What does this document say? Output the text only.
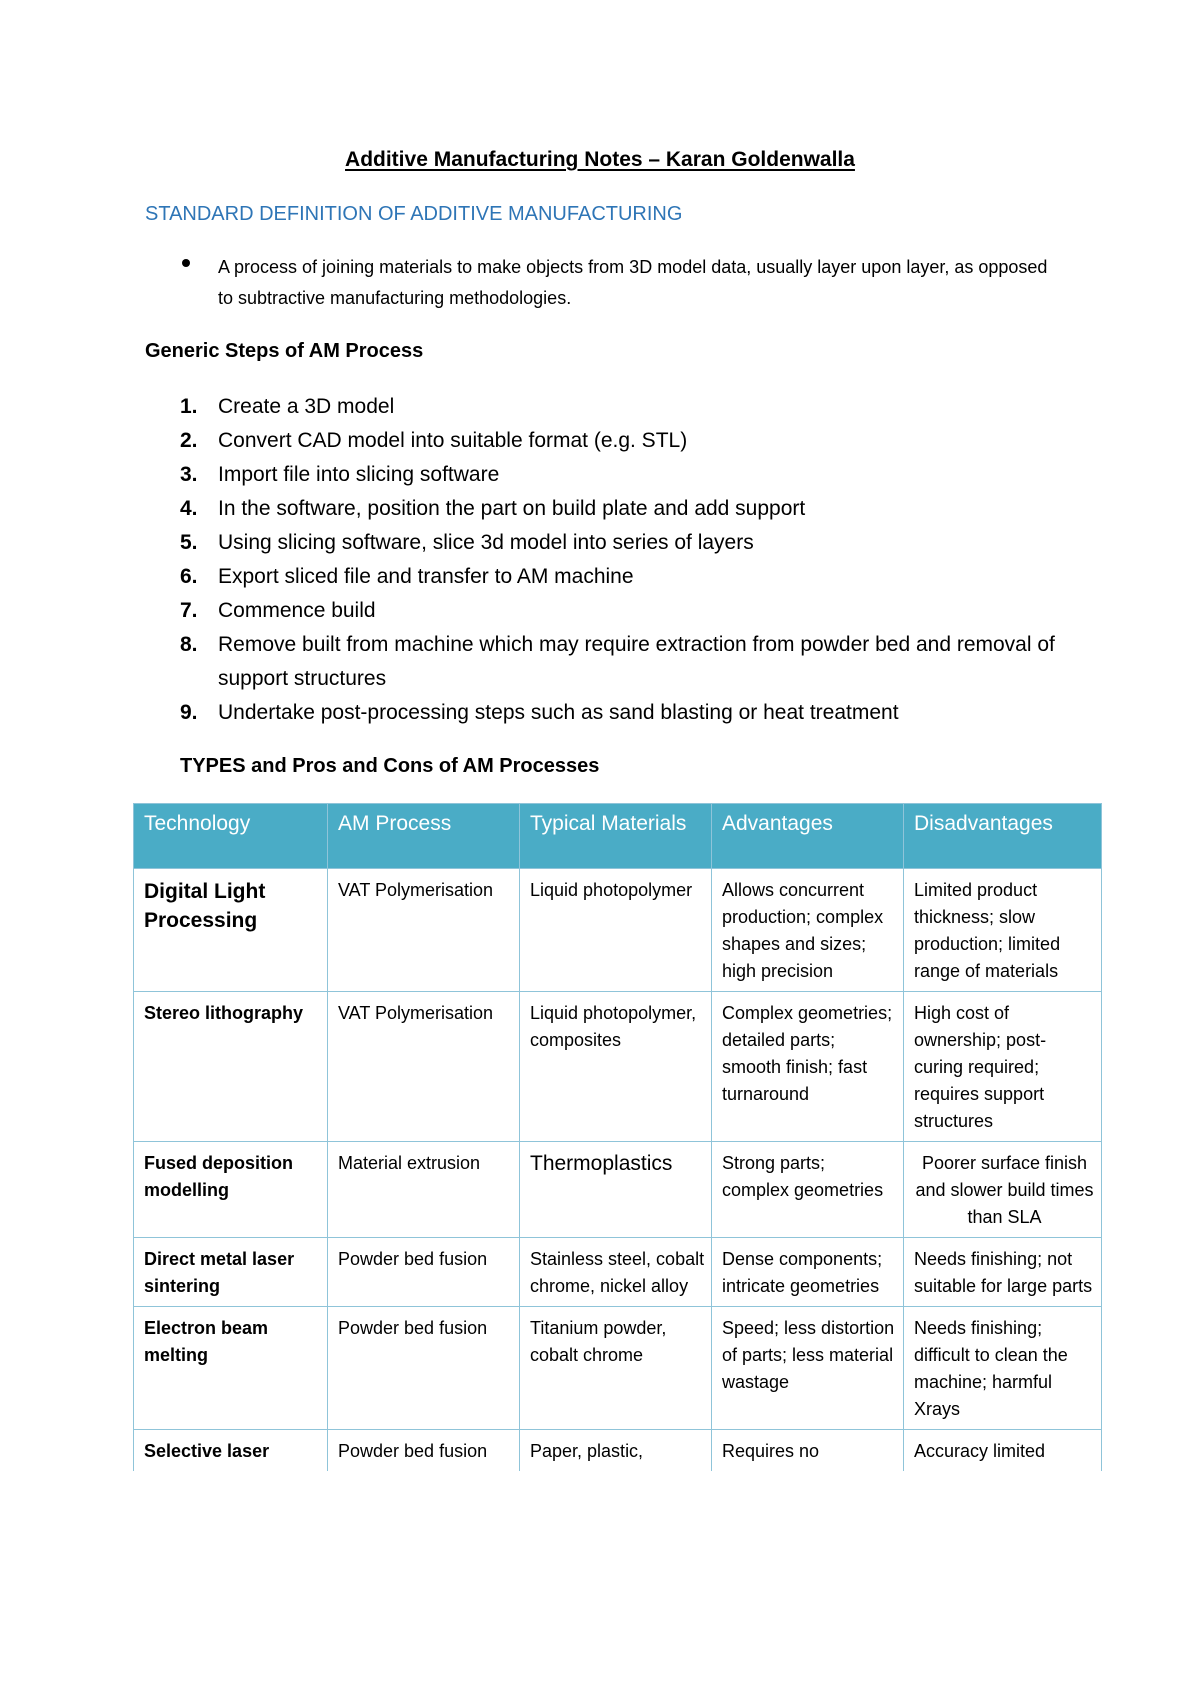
Additive Manufacturing Notes – Karan Goldenwalla
STANDARD DEFINITION OF ADDITIVE MANUFACTURING
A process of joining materials to make objects from 3D model data, usually layer upon layer, as opposed to subtractive manufacturing methodologies.
Generic Steps of AM Process
1. Create a 3D model
2. Convert CAD model into suitable format (e.g. STL)
3. Import file into slicing software
4. In the software, position the part on build plate and add support
5. Using slicing software, slice 3d model into series of layers
6. Export sliced file and transfer to AM machine
7. Commence build
8. Remove built from machine which may require extraction from powder bed and removal of support structures
9. Undertake post-processing steps such as sand blasting or heat treatment
TYPES and Pros and Cons of AM Processes
Technology	AM Process	Typical Materials	Advantages	Disadvantages
Digital Light Processing	VAT Polymerisation	Liquid photopolymer	Allows concurrent production; complex shapes and sizes; high precision	Limited product thickness; slow production; limited range of materials
Stereo lithography	VAT Polymerisation	Liquid photopolymer, composites	Complex geometries; detailed parts; smooth finish; fast turnaround	High cost of ownership; post-curing required; requires support structures
Fused deposition modelling	Material extrusion	Thermoplastics	Strong parts; complex geometries	Poorer surface finish and slower build times than SLA
Direct metal laser sintering	Powder bed fusion	Stainless steel, cobalt chrome, nickel alloy	Dense components; intricate geometries	Needs finishing; not suitable for large parts
Electron beam melting	Powder bed fusion	Titanium powder, cobalt chrome	Speed; less distortion of parts; less material wastage	Needs finishing; difficult to clean the machine; harmful Xrays
Selective laser	Powder bed fusion	Paper, plastic,	Requires no	Accuracy limited
